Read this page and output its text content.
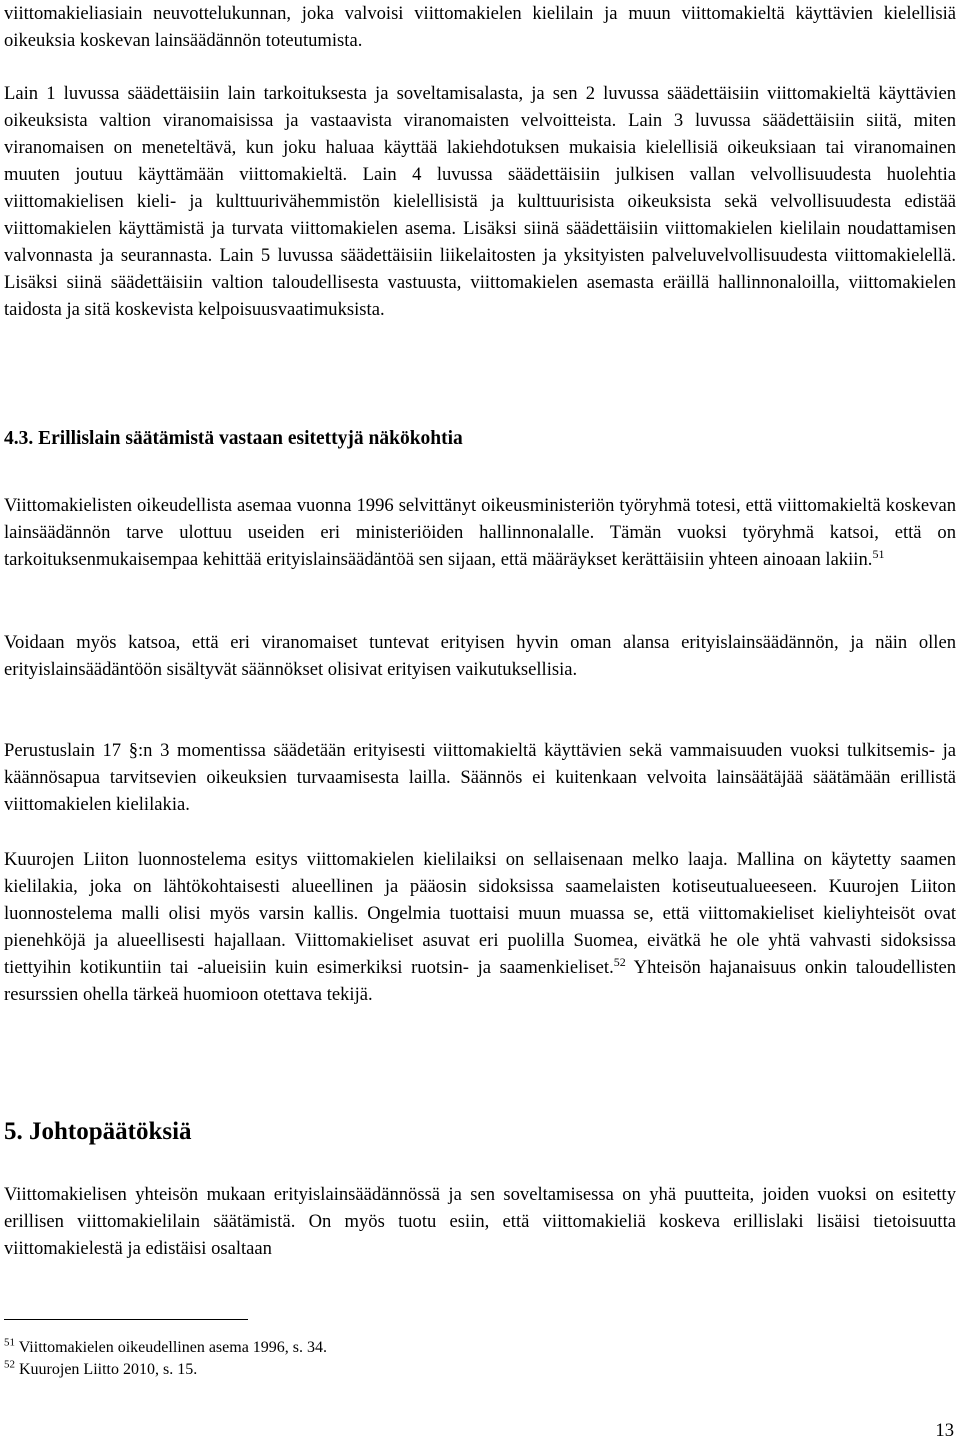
viittomakieliasiain neuvottelukunnan, joka valvoisi viittomakielen kielilain ja muun viittomakieltä käyttävien kielellisiä oikeuksia koskevan lainsäädännön toteutumista.

Lain 1 luvussa säädettäisiin lain tarkoituksesta ja soveltamisalasta, ja sen 2 luvussa säädettäisiin viittomakieltä käyttävien oikeuksista valtion viranomaisissa ja vastaavista viranomaisten velvoitteista. Lain 3 luvussa säädettäisiin siitä, miten viranomaisen on meneteltävä, kun joku haluaa käyttää lakiehdotuksen mukaisia kielellisiä oikeuksiaan tai viranomainen muuten joutuu käyttämään viittomakieltä. Lain 4 luvussa säädettäisiin julkisen vallan velvollisuudesta huolehtia viittomakielisen kieli- ja kulttuurivähemmistön kielellisistä ja kulttuurisista oikeuksista sekä velvollisuudesta edistää viittomakielen käyttämistä ja turvata viittomakielen asema. Lisäksi siinä säädettäisiin viittomakielen kielilain noudattamisen valvonnasta ja seurannasta. Lain 5 luvussa säädettäisiin liikelaitosten ja yksityisten palveluvelvollisuudesta viittomakielellä. Lisäksi siinä säädettäisiin valtion taloudellisesta vastuusta, viittomakielen asemasta eräillä hallinnonaloilla, viittomakielen taidosta ja sitä koskevista kelpoisuusvaatimuksista.

4.3. Erillislain säätämistä vastaan esitettyjä näkökohtia

Viittomakielisten oikeudellista asemaa vuonna 1996 selvittänyt oikeusministeriön työryhmä totesi, että viittomakieltä koskevan lainsäädännön tarve ulottuu useiden eri ministeriöiden hallinnonalalle. Tämän vuoksi työryhmä katsoi, että on tarkoituksenmukaisempaa kehittää erityislainsäädäntöä sen sijaan, että määräykset kerättäisiin yhteen ainoaan lakiin.$^{51}$

Voidaan myös katsoa, että eri viranomaiset tuntevat erityisen hyvin oman alansa erityislainsäädännön, ja näin ollen erityislainsäädäntöön sisältyvät säännökset olisivat erityisen vaikutuksellisia.

Perustuslain 17 §:n 3 momentissa säädetään erityisesti viittomakieltä käyttävien sekä vammaisuuden vuoksi tulkitsemis- ja käännösapua tarvitsevien oikeuksien turvaamisesta lailla. Säännös ei kuitenkaan velvoita lainsäätäjää säätämään erillistä viittomakielen kielilakia.

Kuurojen Liiton luonnostelema esitys viittomakielen kielilaiksi on sellaisenaan melko laaja. Mallina on käytetty saamen kielilakia, joka on lähtökohtaisesti alueellinen ja pääosin sidoksissa saamelaisten kotiseutualueeseen. Kuurojen Liiton luonnostelema malli olisi myös varsin kallis. Ongelmia tuottaisi muun muassa se, että viittomakieliset kieliyhteisöt ovat pienehköjä ja alueellisesti hajallaan. Viittomakieliset asuvat eri puolilla Suomea, eivätkä he ole yhtä vahvasti sidoksissa tiettyihin kotikuntiin tai -alueisiin kuin esimerkiksi ruotsin- ja saamenkieliset.$^{52}$ Yhteisön hajanaisuus onkin taloudellisten resurssien ohella tärkeä huomioon otettava tekijä.

5. Johtopäätöksiä

Viittomakielisen yhteisön mukaan erityislainsäädännössä ja sen soveltamisessa on yhä puutteita, joiden vuoksi on esitetty erillisen viittomakielilain säätämistä. On myös tuotu esiin, että viittomakieliä koskeva erillislaki lisäisi tietoisuutta viittomakielestä ja edistäisi osaltaan

$^{51}$ Viittomakielen oikeudellinen asema 1996, s. 34.

$^{52}$ Kuurojen Liitto 2010, s. 15.

13
